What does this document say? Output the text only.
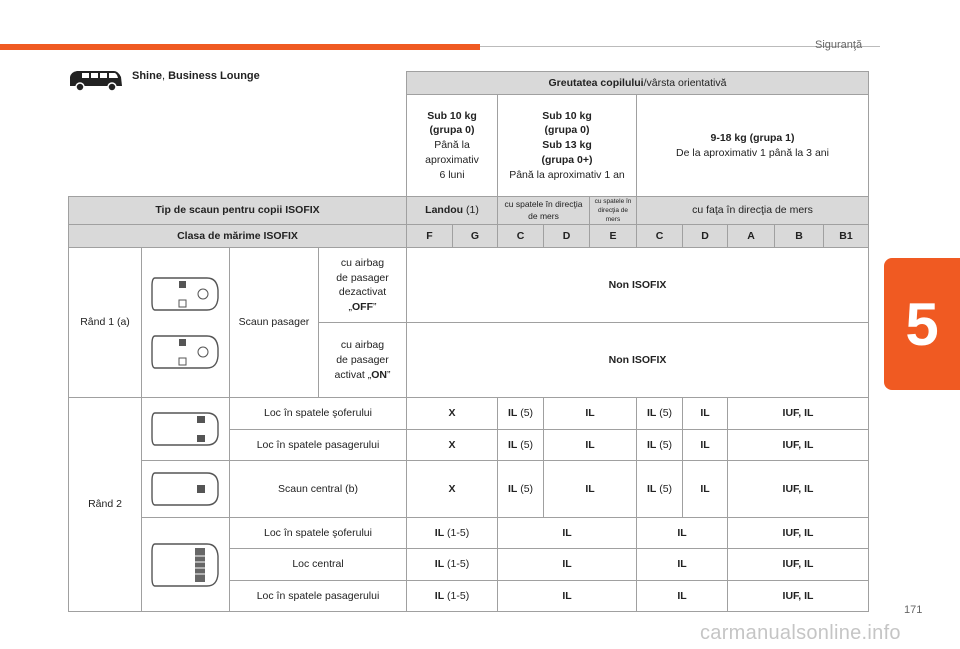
Siguranţă
5
171
carmanualsonline.info
Shine, Business Lounge
				Greutatea copilului/vârsta orientativă									
				Sub 10 kg
(grupa 0)
Până la
aproximativ
6 luni		Sub 10 kg
(grupa 0)
Sub 13 kg
(grupa 0+)
Până la aproximativ 1 an			9-18 kg (grupa 1)
De la aproximativ 1 până la 3 ani				
Tip de scaun pentru copii ISOFIX				Landou (1)		cu spatele în direcţia de mers		cu spatele în direcţia de mers	cu faţa în direcţia de mers				
Clasa de mărime ISOFIX				F	G	C	D	E	C	D	A	B	B1
Rând 1 (a)		Scaun pasager	cu airbag
de pasager
dezactivat
„OFF”	Non ISOFIX									
			cu airbag
de pasager
activat „ON”	Non ISOFIX									
Rând 2		Loc în spatele şoferului		X		IL (5)	IL		IL (5)	IL	IUF, IL		
		Loc în spatele pasagerului		X		IL (5)	IL		IL (5)	IL	IUF, IL		

	Scaun central (b)		X		IL (5)	IL		IL (5)	IL	IUF, IL		

	Loc în spatele şoferului		IL (1-5)		IL			IL		IUF, IL		
		Loc central		IL (1-5)		IL			IL		IUF, IL		
		Loc în spatele pasagerului		IL (1-5)		IL			IL		IUF, IL		
